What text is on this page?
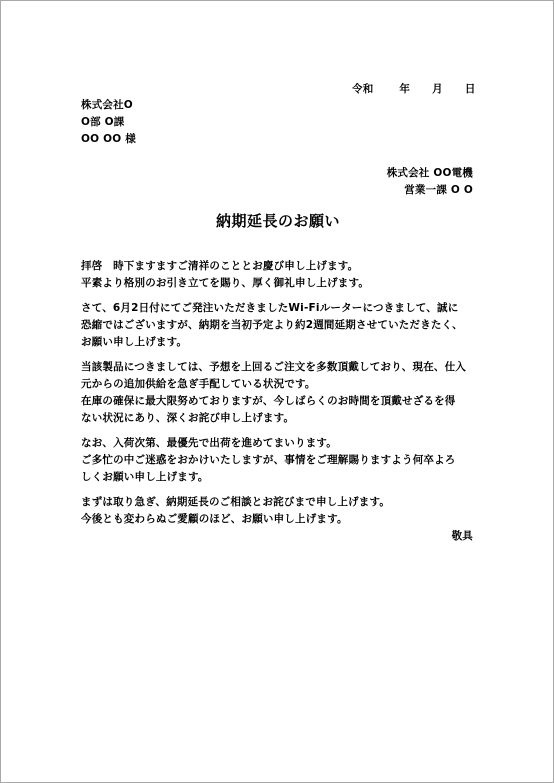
令和 年 月 日
株式会社O
O部 O課
OO OO 様
株式会社 OO電機
営業一課 O O
納期延長のお願い
拝啓　時下ますますご清祥のこととお慶び申し上げます。
平素より格別のお引き立てを賜り、厚く御礼申し上げます。
さて、6月2日付にてご発注いただきましたWi-Fiルーターにつきまして、誠に
恐縮ではございますが、納期を当初予定より約2週間延期させていただきたく、
お願い申し上げます。
当該製品につきましては、予想を上回るご注文を多数頂戴しており、現在、仕入
元からの追加供給を急ぎ手配している状況です。
在庫の確保に最大限努めておりますが、今しばらくのお時間を頂戴せざるを得
ない状況にあり、深くお詫び申し上げます。
なお、入荷次第、最優先で出荷を進めてまいります。
ご多忙の中ご迷惑をおかけいたしますが、事情をご理解賜りますよう何卒よろ
しくお願い申し上げます。
まずは取り急ぎ、納期延長のご相談とお詫びまで申し上げます。
今後とも変わらぬご愛顧のほど、お願い申し上げます。
敬具
